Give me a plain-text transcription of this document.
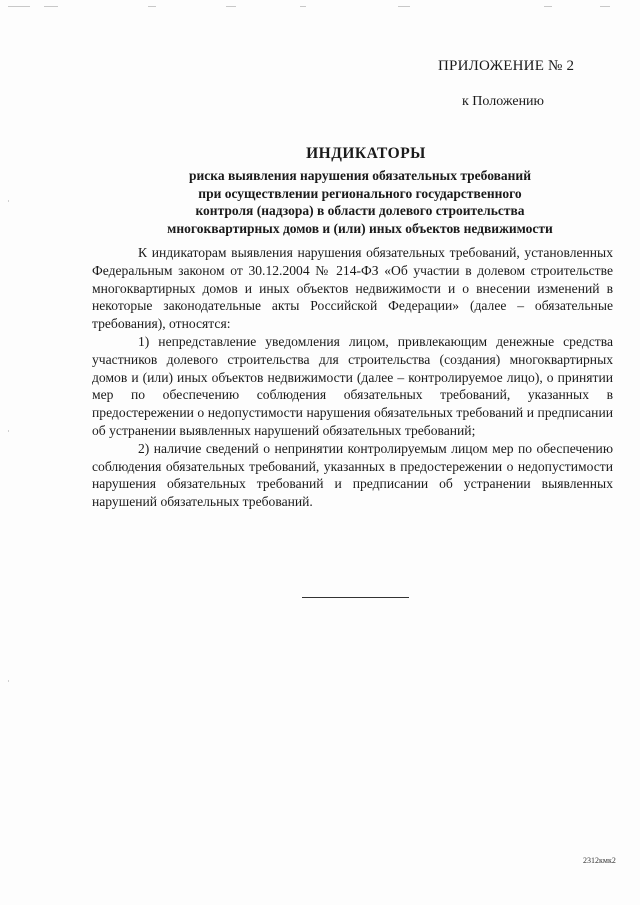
ПРИЛОЖЕНИЕ № 2
к Положению
ИНДИКАТОРЫ
риска выявления нарушения обязательных требований
при осуществлении регионального государственного
контроля (надзора) в области долевого строительства
многоквартирных домов и (или) иных объектов недвижимости

К индикаторам выявления нарушения обязательных требований, установленных Федеральным законом от 30.12.2004 № 214-ФЗ «Об участии в долевом строительстве многоквартирных домов и иных объектов недвижимости и о внесении изменений в некоторые законодательные акты Российской Федерации» (далее – обязательные требования), относятся:

1) непредставление уведомления лицом, привлекающим денежные средства участников долевого строительства для строительства (создания) многоквартирных домов и (или) иных объектов недвижимости (далее – контролируемое лицо), о принятии мер по обеспечению соблюдения обязательных требований, указанных в предостережении о недопустимости нарушения обязательных требований и предписании об устранении выявленных нарушений обязательных требований;

2) наличие сведений о непринятии контролируемым лицом мер по обеспечению соблюдения обязательных требований, указанных в предостережении о недопустимости нарушения обязательных требований и предписании об устранении выявленных нарушений обязательных требований.

2312кмк2
